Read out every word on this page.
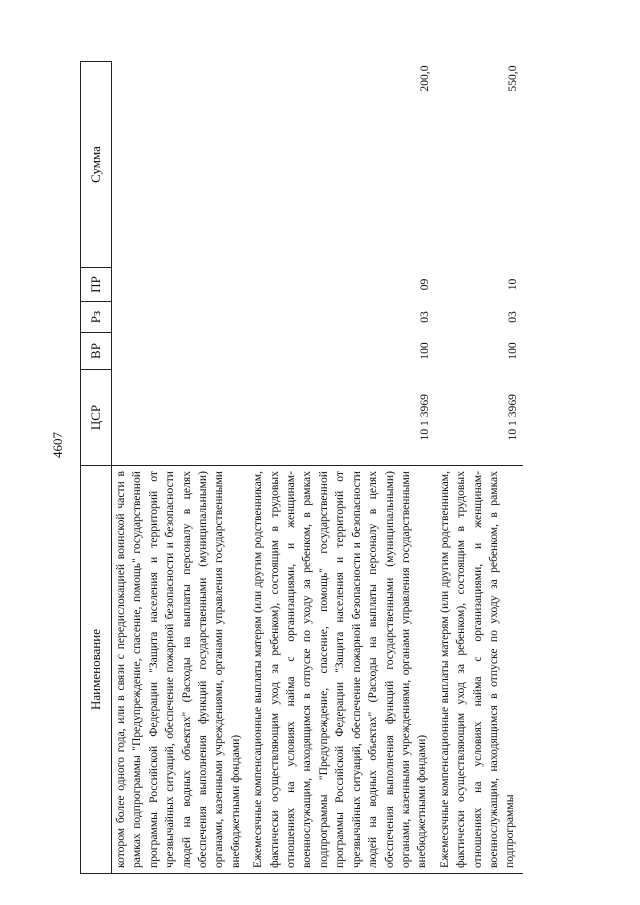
4607
Наименование	ЦСР	ВР	Рз	ПР	Сумма
котором более одного года, или в связи с передислокацией воинской части в рамках подпрограммы "Предупреждение, спасение, помощь" государственной программы Российской Федерации "Защита населения и территорий от чрезвычайных ситуаций, обеспечение пожарной безопасности и безопасности людей на водных объектах" (Расходы на выплаты персоналу в целях обеспечения выполнения функций государственными (муниципальными) органами, казенными учреждениями, органами управления государственными внебюджетными фондами)					
Ежемесячные компенсационные выплаты матерям (или другим родственникам, фактически осуществляющим уход за ребенком), состоящим в трудовых отношениях на условиях найма с организациями, и женщинам-военнослужащим, находящимся в отпуске по уходу за ребенком, в рамках подпрограммы "Предупреждение, спасение, помощь" государственной программы Российской Федерации "Защита населения и территорий от чрезвычайных ситуаций, обеспечение пожарной безопасности и безопасности людей на водных объектах" (Расходы на выплаты персоналу в целях обеспечения выполнения функций государственными (муниципальными) органами, казенными учреждениями, органами управления государственными внебюджетными фондами)	10 1 3969	100	03	09	200,0
Ежемесячные компенсационные выплаты матерям (или другим родственникам, фактически осуществляющим уход за ребенком), состоящим в трудовых отношениях на условиях найма с организациями, и женщинам-военнослужащим, находящимся в отпуске по уходу за ребенком, в рамках подпрограммы	10 1 3969	100	03	10	550,0
